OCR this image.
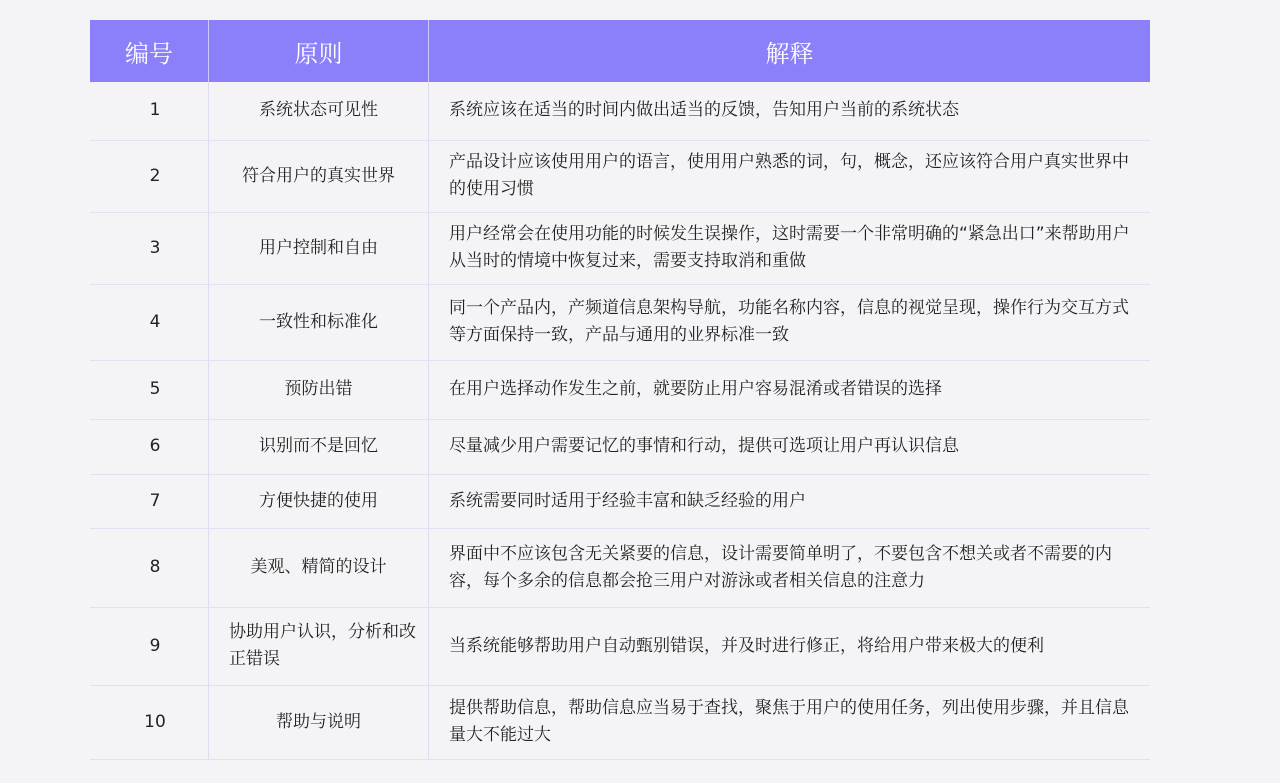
编号	原则	解释
1	系统状态可见性	系统应该在适当的时间内做出适当的反馈，告知用户当前的系统状态
2	符合用户的真实世界	产品设计应该使用用户的语言，使用用户熟悉的词，句，概念，还应该符合用户真实世界中的使用习惯
3	用户控制和自由	用户经常会在使用功能的时候发生误操作，这时需要一个非常明确的“紧急出口”来帮助用户从当时的情境中恢复过来，需要支持取消和重做
4	一致性和标准化	同一个产品内，产频道信息架构导航，功能名称内容，信息的视觉呈现，操作行为交互方式等方面保持一致，产品与通用的业界标准一致
5	预防出错	在用户选择动作发生之前，就要防止用户容易混淆或者错误的选择
6	识别而不是回忆	尽量减少用户需要记忆的事情和行动，提供可选项让用户再认识信息
7	方便快捷的使用	系统需要同时适用于经验丰富和缺乏经验的用户
8	美观、精简的设计	界面中不应该包含无关紧要的信息，设计需要简单明了，不要包含不想关或者不需要的内容，每个多余的信息都会抢三用户对游泳或者相关信息的注意力
9	协助用户认识，分析和改正错误	当系统能够帮助用户自动甄别错误，并及时进行修正，将给用户带来极大的便利
10	帮助与说明	提供帮助信息，帮助信息应当易于查找，聚焦于用户的使用任务，列出使用步骤，并且信息量大不能过大
